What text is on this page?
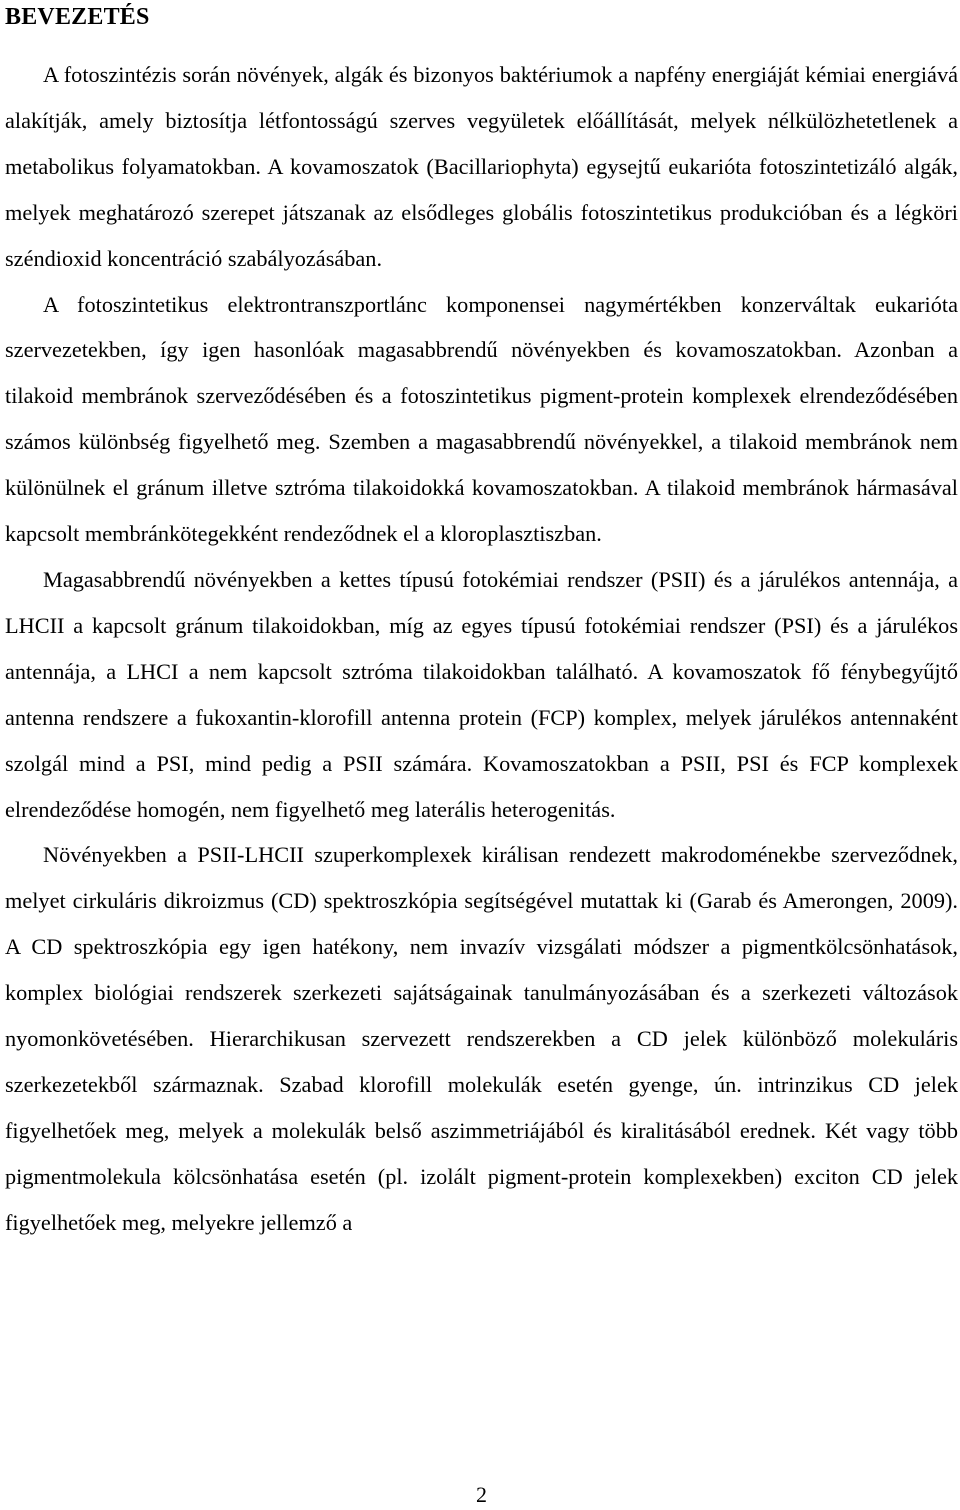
BEVEZETÉS

A fotoszintézis során növények, algák és bizonyos baktériumok a napfény energiáját kémiai energiává alakítják, amely biztosítja létfontosságú szerves vegyületek előállítását, melyek nélkülözhetetlenek a metabolikus folyamatokban. A kovamoszatok (Bacillariophyta) egysejtű eukarióta fotoszintetizáló algák, melyek meghatározó szerepet játszanak az elsődleges globális fotoszintetikus produkcióban és a légköri széndioxid koncentráció szabályozásában.

A fotoszintetikus elektrontranszportlánc komponensei nagymértékben konzerváltak eukarióta szervezetekben, így igen hasonlóak magasabbrendű növényekben és kovamoszatokban. Azonban a tilakoid membránok szerveződésében és a fotoszintetikus pigment-protein komplexek elrendeződésében számos különbség figyelhető meg. Szemben a magasabbrendű növényekkel, a tilakoid membránok nem különülnek el gránum illetve sztróma tilakoidokká kovamoszatokban. A tilakoid membránok hármasával kapcsolt membránkötegekként rendeződnek el a kloroplasztiszban.

Magasabbrendű növényekben a kettes típusú fotokémiai rendszer (PSII) és a járulékos antennája, a LHCII a kapcsolt gránum tilakoidokban, míg az egyes típusú fotokémiai rendszer (PSI) és a járulékos antennája, a LHCI a nem kapcsolt sztróma tilakoidokban található. A kovamoszatok fő fénybegyűjtő antenna rendszere a fukoxantin-klorofill antenna protein (FCP) komplex, melyek járulékos antennaként szolgál mind a PSI, mind pedig a PSII számára. Kovamoszatokban a PSII, PSI és FCP komplexek elrendeződése homogén, nem figyelhető meg laterális heterogenitás.

Növényekben a PSII-LHCII szuperkomplexek királisan rendezett makrodoménekbe szerveződnek, melyet cirkuláris dikroizmus (CD) spektroszkópia segítségével mutattak ki (Garab és Amerongen, 2009). A CD spektroszkópia egy igen hatékony, nem invazív vizsgálati módszer a pigmentkölcsönhatások, komplex biológiai rendszerek szerkezeti sajátságainak tanulmányozásában és a szerkezeti változások nyomonkövetésében. Hierarchikusan szervezett rendszerekben a CD jelek különböző molekuláris szerkezetekből származnak. Szabad klorofill molekulák esetén gyenge, ún. intrinzikus CD jelek figyelhetőek meg, melyek a molekulák belső aszimmetriájából és kiralitásából erednek. Két vagy több pigmentmolekula kölcsönhatása esetén (pl. izolált pigment-protein komplexekben) exciton CD jelek figyelhetőek meg, melyekre jellemző a

2
